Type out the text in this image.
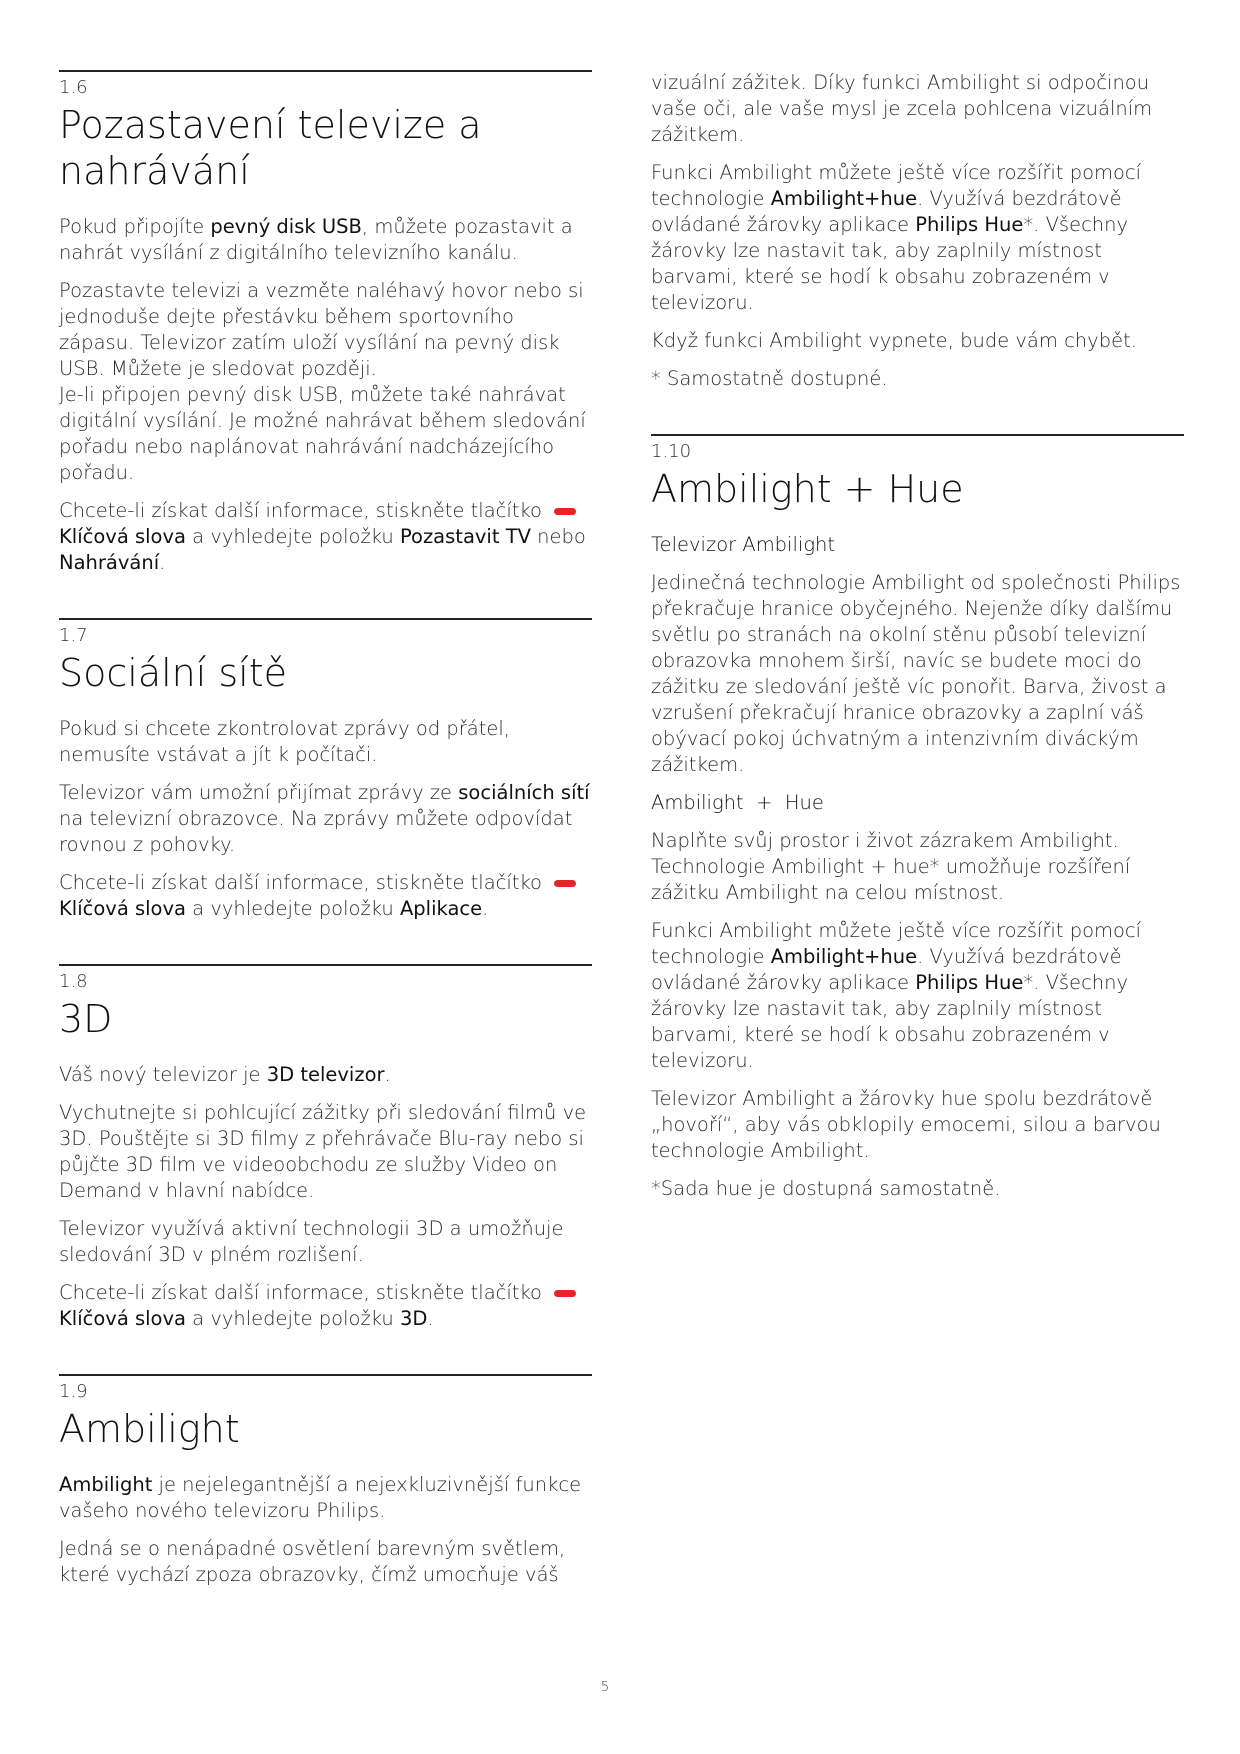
1.6
Pozastavení televize a nahrávání

Pokud připojíte pevný disk USB, můžete pozastavit a nahrát vysílání z digitálního televizního kanálu.

Pozastavte televizi a vezměte naléhavý hovor nebo si jednoduše dejte přestávku během sportovního zápasu. Televizor zatím uloží vysílání na pevný disk USB. Můžete je sledovat později.
Je-li připojen pevný disk USB, můžete také nahrávat digitální vysílání. Je možné nahrávat během sledování pořadu nebo naplánovat nahrávání nadcházejícího pořadu.

Chcete-li získat další informace, stiskněte tlačítkoKlíčová slova a vyhledejte položku Pozastavit TV nebo Nahrávání.

1.7
Sociální sítě

Pokud si chcete zkontrolovat zprávy od přátel, nemusíte vstávat a jít k počítači.

Televizor vám umožní přijímat zprávy ze sociálních sítí na televizní obrazovce. Na zprávy můžete odpovídat rovnou z pohovky.

Chcete-li získat další informace, stiskněte tlačítkoKlíčová slova a vyhledejte položku Aplikace.

1.8
3D

Váš nový televizor je 3D televizor.

Vychutnejte si pohlcující zážitky při sledování filmů ve 3D. Pouštějte si 3D filmy z přehrávače Blu-ray nebo si půjčte 3D film ve videoobchodu ze služby Video on Demand v hlavní nabídce.

Televizor využívá aktivní technologii 3D a umožňuje sledování 3D v plném rozlišení.

Chcete-li získat další informace, stiskněte tlačítkoKlíčová slova a vyhledejte položku 3D.

1.9
Ambilight

Ambilight je nejelegantnější a nejexkluzivnější funkce vašeho nového televizoru Philips.

Jedná se o nenápadné osvětlení barevným světlem, které vychází zpoza obrazovky, čímž umocňuje váš

vizuální zážitek. Díky funkci Ambilight si odpočinou vaše oči, ale vaše mysl je zcela pohlcena vizuálním zážitkem.

Funkci Ambilight můžete ještě více rozšířit pomocí technologie Ambilight+hue. Využívá bezdrátově ovládané žárovky aplikace Philips Hue*. Všechny žárovky lze nastavit tak, aby zaplnily místnost barvami, které se hodí k obsahu zobrazeném v televizoru.

Když funkci Ambilight vypnete, bude vám chybět.

* Samostatně dostupné.

1.10
Ambilight + Hue
Televizor Ambilight

Jedinečná technologie Ambilight od společnosti Philips překračuje hranice obyčejného. Nejenže díky dalšímu světlu po stranách na okolní stěnu působí televizní obrazovka mnohem širší, navíc se budete moci do zážitku ze sledování ještě víc ponořit. Barva, živost a vzrušení překračují hranice obrazovky a zaplní váš obývací pokoj úchvatným a intenzivním diváckým zážitkem.

Ambilight + Hue

Naplňte svůj prostor i život zázrakem Ambilight. Technologie Ambilight + hue* umožňuje rozšíření zážitku Ambilight na celou místnost.

Funkci Ambilight můžete ještě více rozšířit pomocí technologie Ambilight+hue. Využívá bezdrátově ovládané žárovky aplikace Philips Hue*. Všechny žárovky lze nastavit tak, aby zaplnily místnost barvami, které se hodí k obsahu zobrazeném v televizoru.

Televizor Ambilight a žárovky hue spolu bezdrátově „hovoří“, aby vás obklopily emocemi, silou a barvou technologie Ambilight.

*Sada hue je dostupná samostatně.

5
